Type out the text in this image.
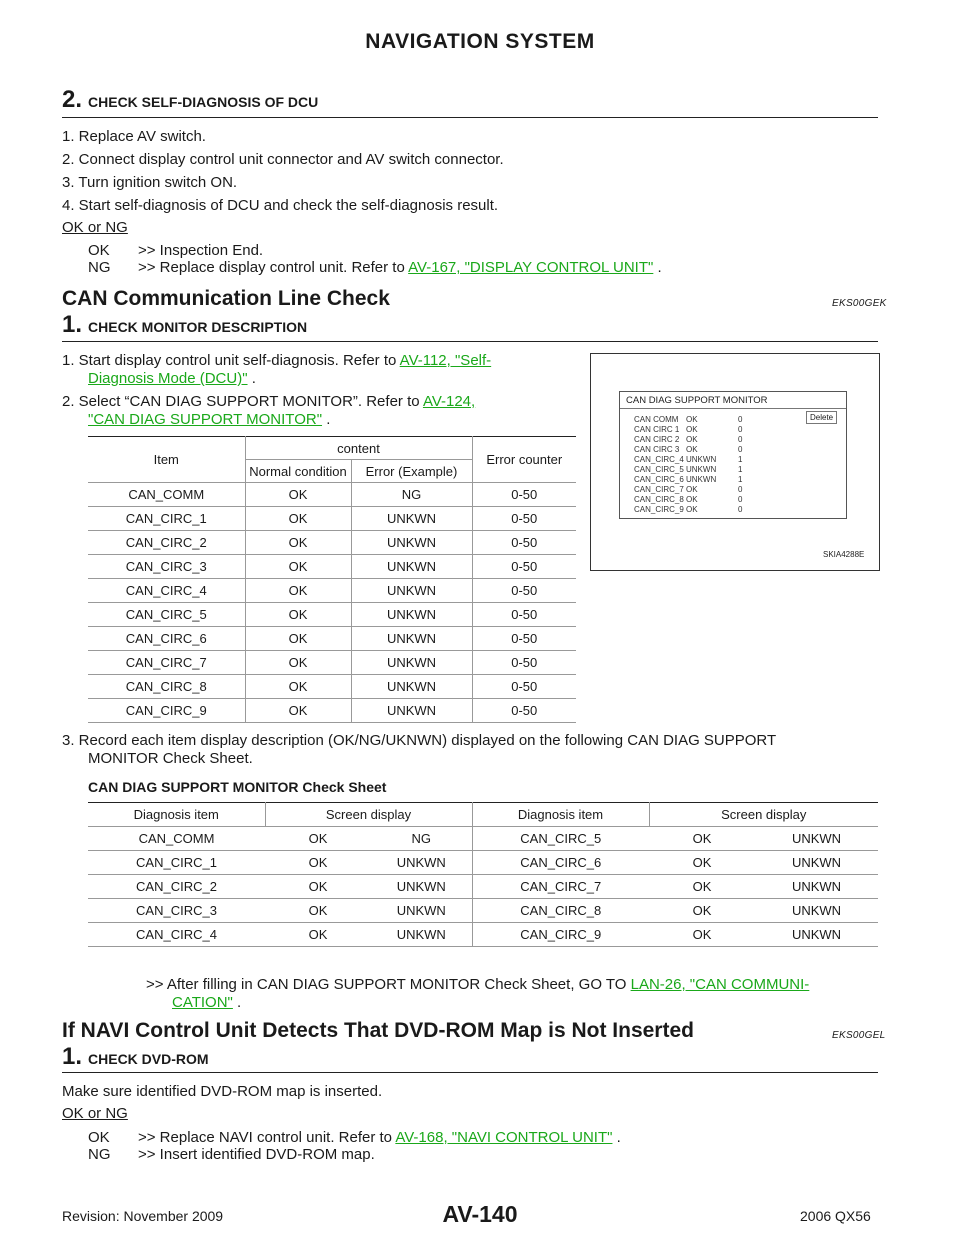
NAVIGATION SYSTEM
2. CHECK SELF-DIAGNOSIS OF DCU
1. Replace AV switch.
2. Connect display control unit connector and AV switch connector.
3. Turn ignition switch ON.
4. Start self-diagnosis of DCU and check the self-diagnosis result.
OK or NG
OK >> Inspection End.
NG >> Replace display control unit. Refer to AV-167, "DISPLAY CONTROL UNIT" .
CAN Communication Line Check	EKS00GEK
1. CHECK MONITOR DESCRIPTION
1. Start display control unit self-diagnosis. Refer to AV-112, "Self-
Diagnosis Mode (DCU)" .
2. Select “CAN DIAG SUPPORT MONITOR”. Refer to AV-124,
"CAN DIAG SUPPORT MONITOR" .
Item	content		Error counter
	Normal condition	Error (Example)	
CAN_COMM	OK	NG	0-50
CAN_CIRC_1	OK	UNKWN	0-50
CAN_CIRC_2	OK	UNKWN	0-50
CAN_CIRC_3	OK	UNKWN	0-50
CAN_CIRC_4	OK	UNKWN	0-50
CAN_CIRC_5	OK	UNKWN	0-50
CAN_CIRC_6	OK	UNKWN	0-50
CAN_CIRC_7	OK	UNKWN	0-50
CAN_CIRC_8	OK	UNKWN	0-50
CAN_CIRC_9	OK	UNKWN	0-50
CAN DIAG SUPPORT MONITOR
Delete
CAN COMM OK	0
CAN CIRC 1 OK	0
CAN CIRC 2 OK	0
CAN CIRC 3 OK	0
CAN_CIRC_4 UNKWN	1
CAN_CIRC_5 UNKWN	1
CAN_CIRC_6 UNKWN	1
CAN_CIRC_7 OK	0
CAN_CIRC_8 OK	0
CAN_CIRC_9 OK	0
SKIA4288E
3. Record each item display description (OK/NG/UKNWN) displayed on the following CAN DIAG SUPPORT
MONITOR Check Sheet.
CAN DIAG SUPPORT MONITOR Check Sheet
Diagnosis item	Screen display		Diagnosis item	Screen display	
CAN_COMM	OK	NG	CAN_CIRC_5	OK	UNKWN
CAN_CIRC_1	OK	UNKWN	CAN_CIRC_6	OK	UNKWN
CAN_CIRC_2	OK	UNKWN	CAN_CIRC_7	OK	UNKWN
CAN_CIRC_3	OK	UNKWN	CAN_CIRC_8	OK	UNKWN
CAN_CIRC_4	OK	UNKWN	CAN_CIRC_9	OK	UNKWN
>> After filling in CAN DIAG SUPPORT MONITOR Check Sheet, GO TO LAN-26, "CAN COMMUNI-
CATION" .
If NAVI Control Unit Detects That DVD-ROM Map is Not Inserted	EKS00GEL
1. CHECK DVD-ROM
Make sure identified DVD-ROM map is inserted.
OK or NG
OK >> Replace NAVI control unit. Refer to AV-168, "NAVI CONTROL UNIT" .
NG >> Insert identified DVD-ROM map.
Revision: November 2009	AV-140	2006 QX56
